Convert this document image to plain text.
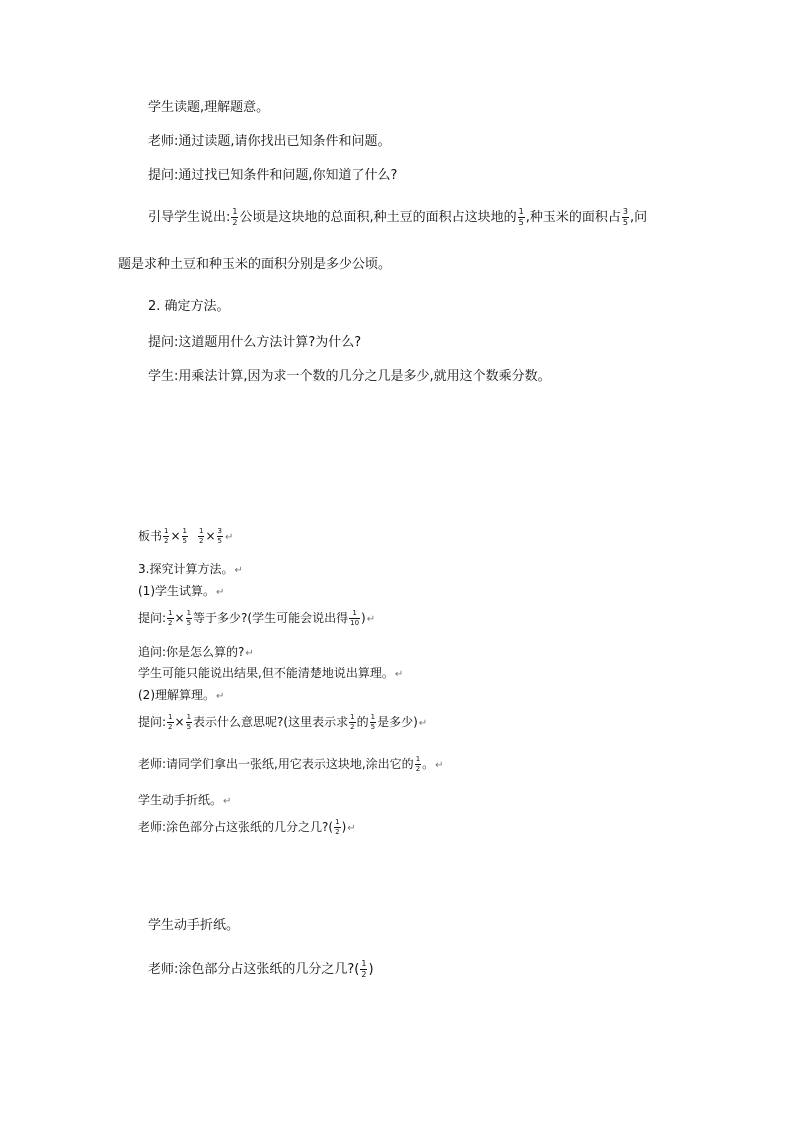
学生读题,理解题意。
老师:通过读题,请你找出已知条件和问题。
提问:通过找已知条件和问题,你知道了什么?
引导学生说出: $\frac{1}{2}$ 公顷是这块地的总面积,种土豆的面积占这块地的 $\frac{1}{5}$ ,种玉米的面积占 $\frac{3}{5}$ ,问
题是求种土豆和种玉米的面积分别是多少公顷。
2. 确定方法。
提问:这道题用什么方法计算?为什么?
学生:用乘法计算,因为求一个数的几分之几是多少,就用这个数乘分数。
板书 $\frac{1}{2} \times \frac{1}{5} \frac{1}{2} \times \frac{3}{5}$ ↵
3.探究计算方法。↵
(1)学生试算。↵
提问: $\frac{1}{2} \times \frac{1}{5}$ 等于多少?(学生可能会说出得 $\frac{1}{10}$ )↵
追问:你是怎么算的?↵
学生可能只能说出结果,但不能清楚地说出算理。↵
(2)理解算理。↵
提问: $\frac{1}{2} \times \frac{1}{5}$ 表示什么意思呢?(这里表示求 $\frac{1}{2}$ 的 $\frac{1}{5}$ 是多少)↵
老师:请同学们拿出一张纸,用它表示这块地,涂出它的 $\frac{1}{2}$ 。↵
学生动手折纸。↵
老师:涂色部分占这张纸的几分之几?( $\frac{1}{2}$ )↵
学生动手折纸。
老师:涂色部分占这张纸的几分之几?( $\frac{1}{2}$ )
